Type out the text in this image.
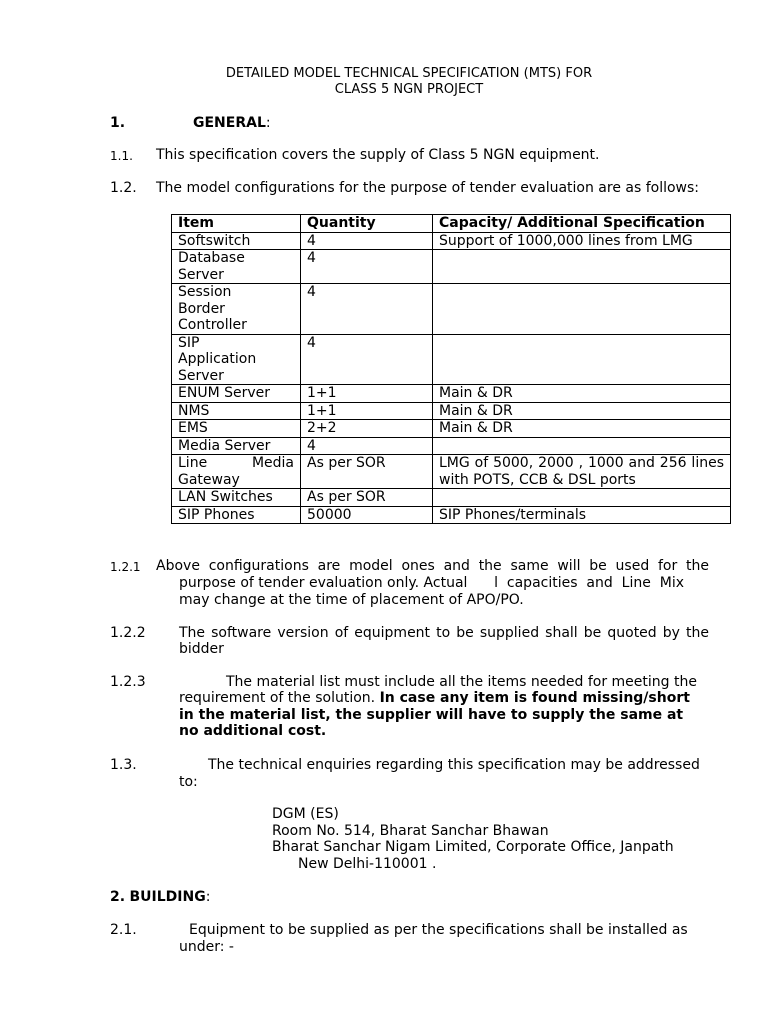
DETAILED MODEL TECHNICAL SPECIFICATION (MTS) FOR
CLASS 5 NGN PROJECT
1.	GENERAL:
1.1. This specification covers the supply of Class 5 NGN equipment.
1.2. The model configurations for the purpose of tender evaluation are as follows:
Item	Quantity	Capacity/ Additional Specification
Softswitch	4	Support of 1000,000 lines from LMG

Database Server	4	

Session Border Controller	4	

SIP Application Server	4	
ENUM Server	1+1	Main & DR
NMS	1+1	Main & DR
EMS	2+2	Main & DR
Media Server	4	

Line Media Gateway	As per SOR	LMG of 5000, 2000 , 1000 and 256 lines with POTS, CCB & DSL ports

LAN Switches	As per SOR	
SIP Phones	50000	SIP Phones/terminals
1.2.1 Above configurations are model ones and the same will be used for the
purpose of tender evaluation only. Actual      l  capacities  and  Line  Mix
may change at the time of placement of APO/PO.
1.2.2 The software version of equipment to be supplied shall be quoted by the
bidder
1.2.3	The material list must include all the items needed for meeting the
requirement of the solution. In case any item is found missing/short
in the material list, the supplier will have to supply the same at
no additional cost.
1.3.	The technical enquiries regarding this specification may be addressed
to:
DGM (ES)
Room No. 514, Bharat Sanchar Bhawan
Bharat Sanchar Nigam Limited, Corporate Office, Janpath
New Delhi-110001 .
2. BUILDING:
2.1.	Equipment to be supplied as per the specifications shall be installed as
under: -
